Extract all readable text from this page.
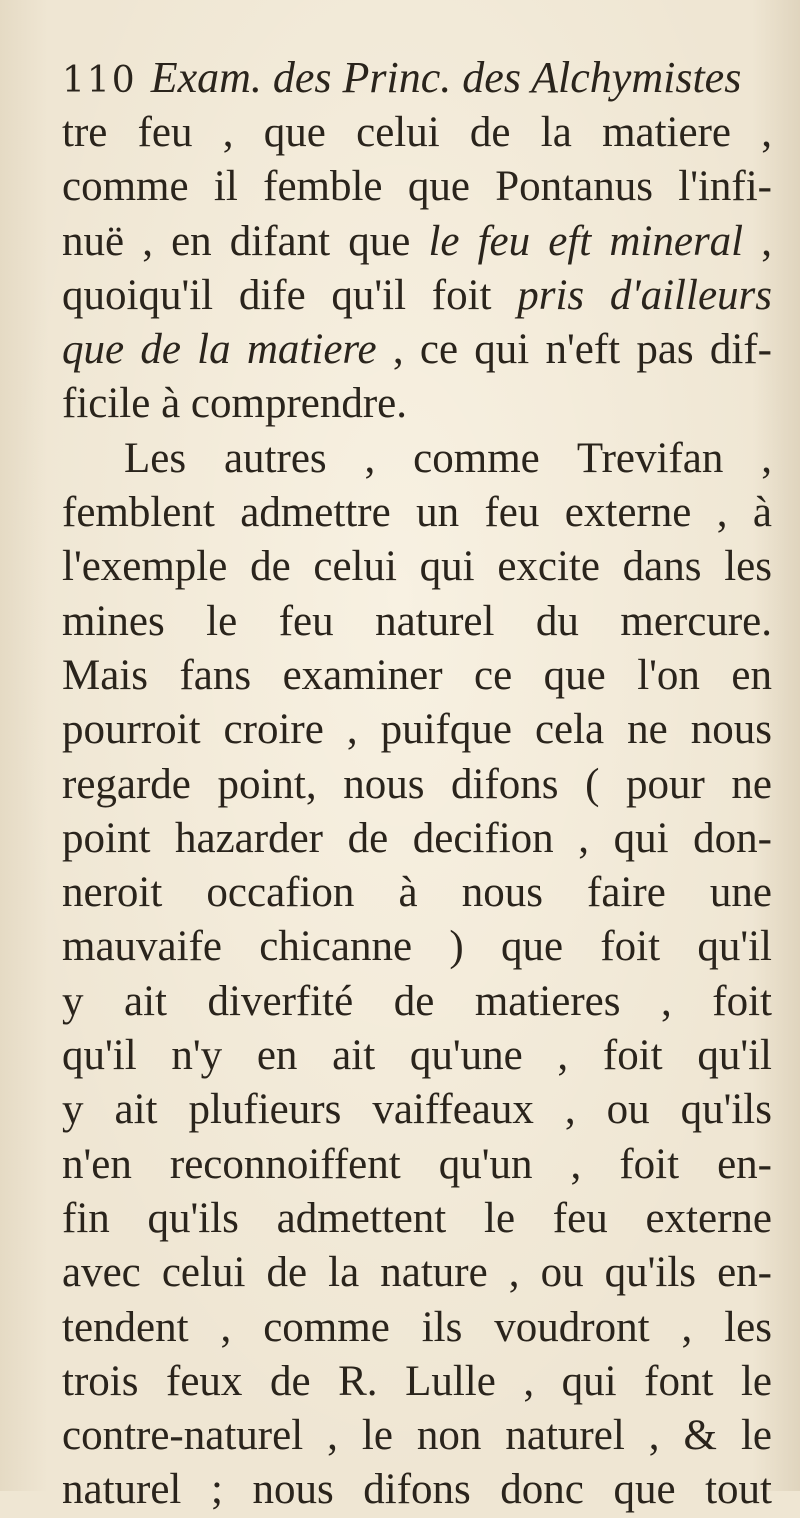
110 Exam. des Princ. des Alchymistes
tre feu , que celui de la matiere ,
comme il femble que Pontanus l'infi-
nuë , en difant que le feu eft mineral ,
quoiqu'il dife qu'il foit pris d'ailleurs
que de la matiere , ce qui n'eft pas dif-
ficile à comprendre.
Les autres , comme Trevifan ,
femblent admettre un feu externe , à
l'exemple de celui qui excite dans les
mines le feu naturel du mercure.
Mais fans examiner ce que l'on en
pourroit croire , puifque cela ne nous
regarde point, nous difons ( pour ne
point hazarder de decifion , qui don-
neroit occafion à nous faire une
mauvaife chicanne ) que foit qu'il
y ait diverfité de matieres , foit
qu'il n'y en ait qu'une , foit qu'il
y ait plufieurs vaiffeaux , ou qu'ils
n'en reconnoiffent qu'un , foit en-
fin qu'ils admettent le feu externe
avec celui de la nature , ou qu'ils en-
tendent , comme ils voudront , les
trois feux de R. Lulle , qui font le
contre-naturel , le non naturel , & le
naturel ; nous difons donc que tout
